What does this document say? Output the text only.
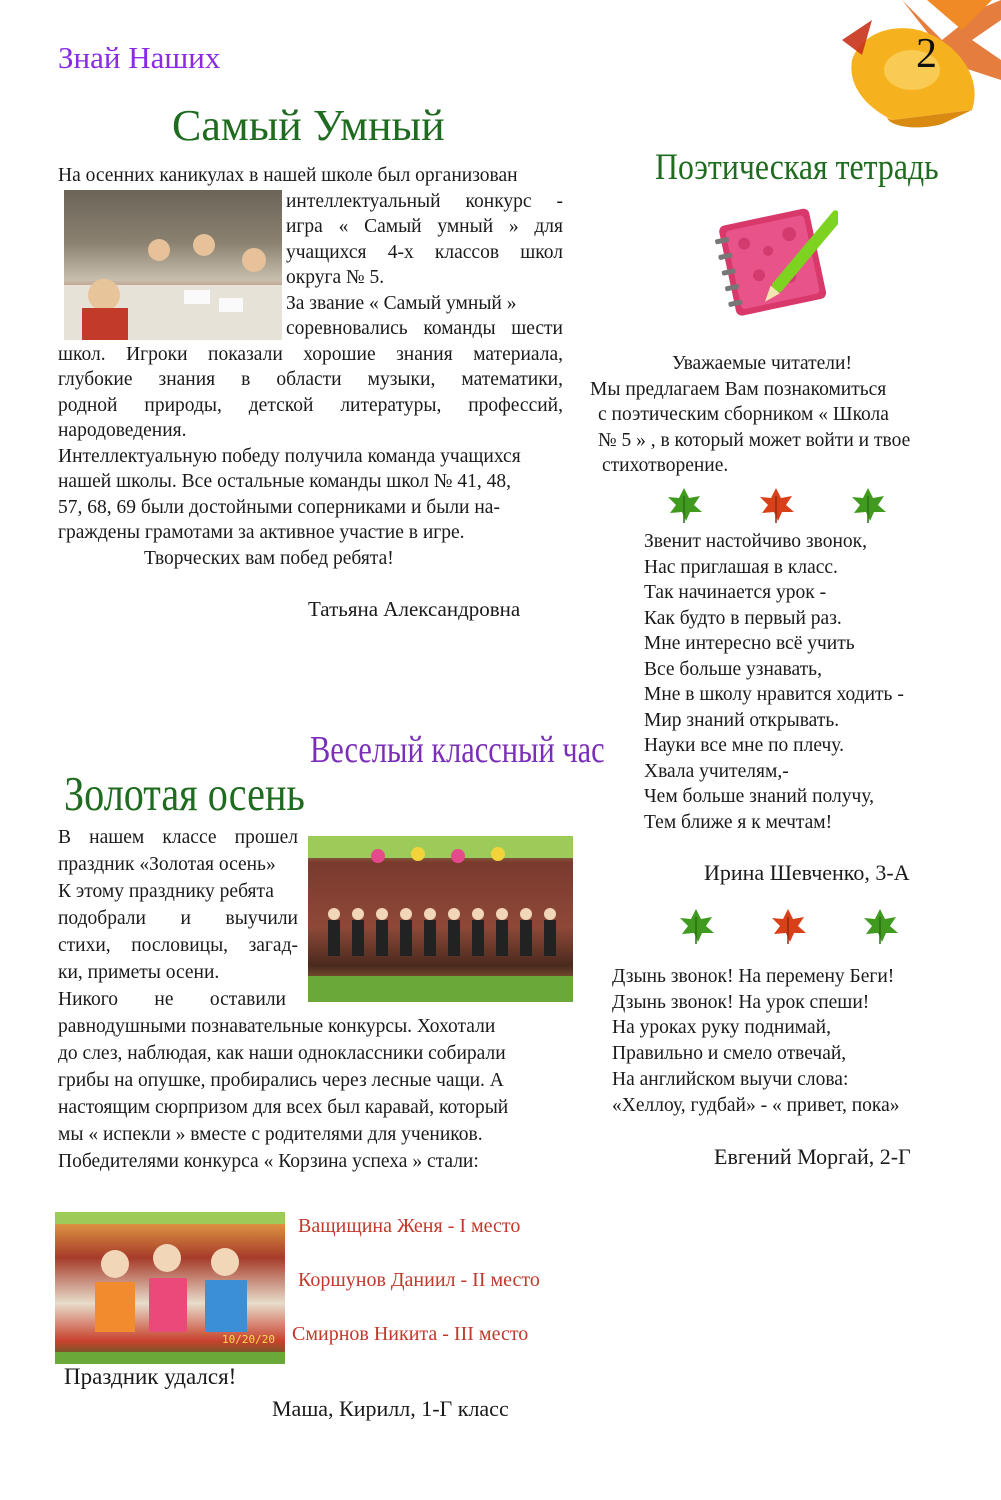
Знай Наших	2
Самый Умный
На осенних каникулах в нашей школе был организован
интеллектуальный конкурс -
игра « Самый умный » для
учащихся 4-х классов школ
округа № 5.
За звание « Самый умный »
соревновались команды шести
школ. Игроки показали хорошие знания материала,
глубокие знания в области музыки, математики,
родной природы, детской литературы, профессий,
народоведения.
Интеллектуальную победу получила команда учащихся
нашей школы. Все остальные команды школ № 41, 48,
57, 68, 69 были достойными соперниками и были на-
граждены грамотами за активное участие в игре.
Творческих вам побед ребята!
Татьяна Александровна
Веселый классный час
Золотая осень
В нашем классе прошел
праздник «Золотая осень»
К этому празднику ребята
подобрали и выучили
стихи, пословицы, загад-
ки, приметы осени.
Никого не оставили
равнодушными познавательные конкурсы. Хохотали
до слез, наблюдая, как наши одноклассники собирали
грибы на опушке, пробирались через лесные чащи. А
настоящим сюрпризом для всех был каравай, который
мы « испекли » вместе с родителями для учеников.
Победителями конкурса « Корзина успеха » стали:
10/20/20
Ващищина Женя - I место
Коршунов Даниил - II место
Смирнов Никита - III место
Праздник удался!
Маша, Кирилл, 1-Г класс
Поэтическая тетрадь
Уважаемые читатели!
Мы предлагаем Вам познакомиться
с поэтическим сборником « Школа
№ 5 » , в который может войти и твое
стихотворение.
Звенит настойчиво звонок,
Нас приглашая в класс.
Так начинается урок -
Как будто в первый раз.
Мне интересно всё учить
Все больше узнавать,
Мне в школу нравится ходить -
Мир знаний открывать.
Науки все мне по плечу.
Хвала учителям,-
Чем больше знаний получу,
Тем ближе я к мечтам!
Ирина Шевченко, 3-А
Дзынь звонок! На перемену Беги!
Дзынь звонок! На урок спеши!
На уроках руку поднимай,
Правильно и смело отвечай,
На английском выучи слова:
«Хеллоу, гудбай» - « привет, пока»
Евгений Моргай, 2-Г
